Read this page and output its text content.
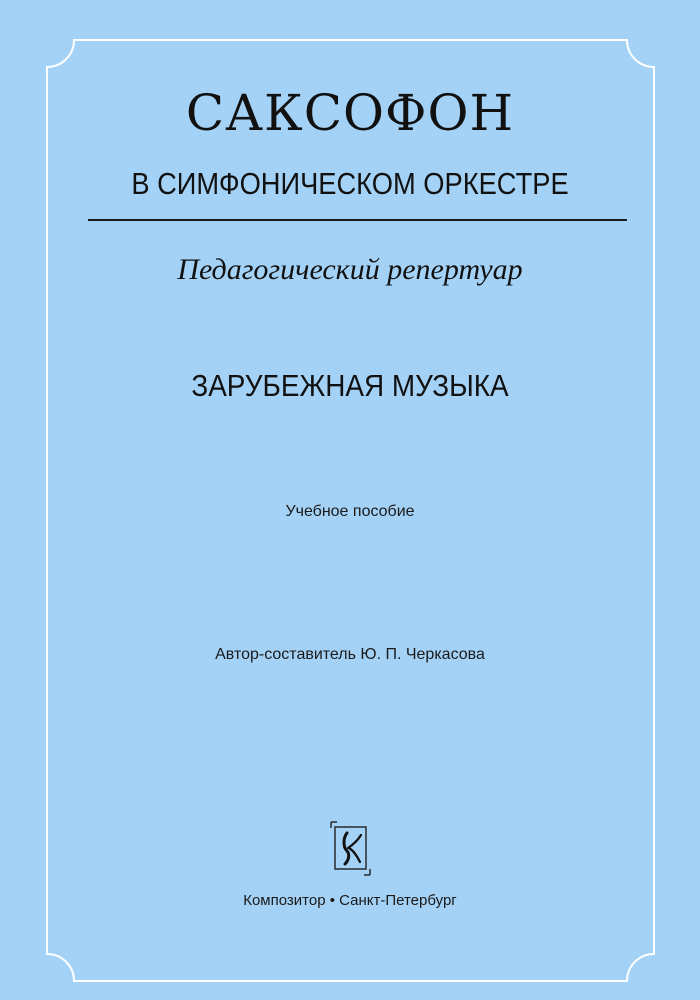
САКСОФОН
В СИМФОНИЧЕСКОМ ОРКЕСТРЕ
Педагогический репертуар
ЗАРУБЕЖНАЯ МУЗЫКА
Учебное пособие
Автор-составитель Ю. П. Черкасова
Композитор • Санкт-Петербург
